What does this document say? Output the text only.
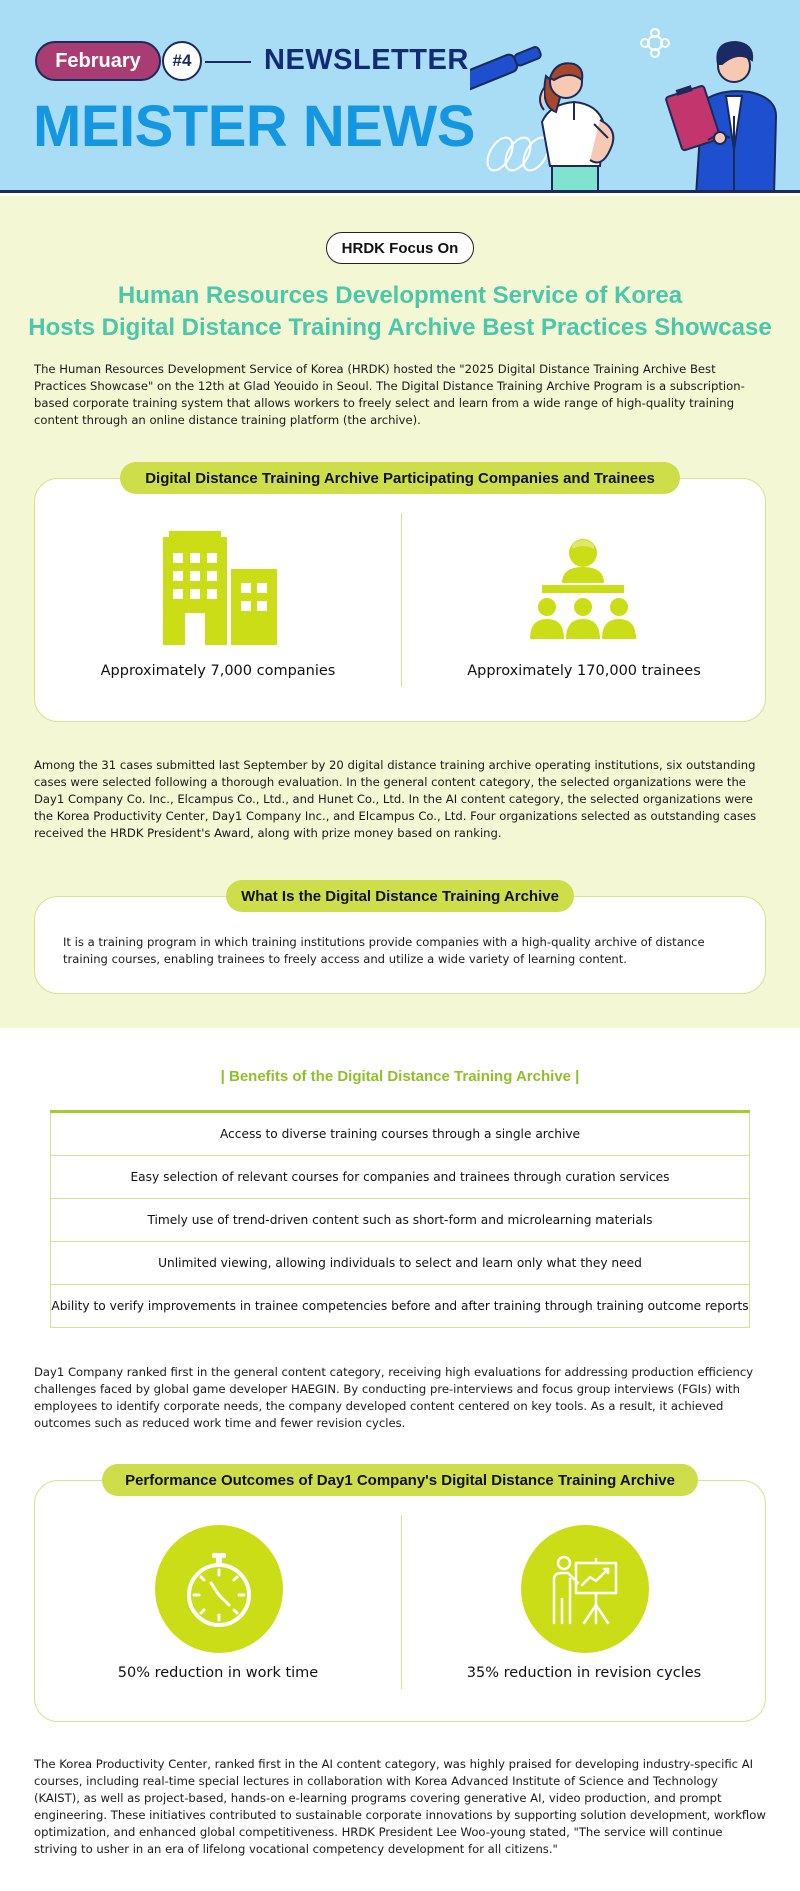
February	#4	NEWSLETTER
MEISTER NEWS
HRDK Focus On
Human Resources Development Service of Korea
Hosts Digital Distance Training Archive Best Practices Showcase

The Human Resources Development Service of Korea (HRDK) hosted the "2025 Digital Distance Training Archive Best Practices Showcase" on the 12th at Glad Yeouido in Seoul. The Digital Distance Training Archive Program is a subscription-based corporate training system that allows workers to freely select and learn from a wide range of high-quality training content through an online distance training platform (the archive).

Approximately 7,000 companies	Approximately 170,000 trainees
Digital Distance Training Archive Participating Companies and Trainees

Among the 31 cases submitted last September by 20 digital distance training archive operating institutions, six outstanding cases were selected following a thorough evaluation. In the general content category, the selected organizations were the Day1 Company Co. Inc., Elcampus Co., Ltd., and Hunet Co., Ltd. In the AI content category, the selected organizations were the Korea Productivity Center, Day1 Company Inc., and Elcampus Co., Ltd. Four organizations selected as outstanding cases received the HRDK President's Award, along with prize money based on ranking.

It is a training program in which training institutions provide companies with a high-quality archive of distance training courses, enabling trainees to freely access and utilize a wide variety of learning content.

What Is the Digital Distance Training Archive
| Benefits of the Digital Distance Training Archive |
Access to diverse training courses through a single archive
Easy selection of relevant courses for companies and trainees through curation services
Timely use of trend-driven content such as short-form and microlearning materials
Unlimited viewing, allowing individuals to select and learn only what they need
Ability to verify improvements in trainee competencies before and after training through training outcome reports

Day1 Company ranked first in the general content category, receiving high evaluations for addressing production efficiency challenges faced by global game developer HAEGIN. By conducting pre-interviews and focus group interviews (FGIs) with employees to identify corporate needs, the company developed content centered on key tools. As a result, it achieved outcomes such as reduced work time and fewer revision cycles.

50% reduction in work time	35% reduction in revision cycles
Performance Outcomes of Day1 Company's Digital Distance Training Archive

The Korea Productivity Center, ranked first in the AI content category, was highly praised for developing industry-specific AI courses, including real-time special lectures in collaboration with Korea Advanced Institute of Science and Technology (KAIST), as well as project-based, hands-on e-learning programs covering generative AI, video production, and prompt engineering. These initiatives contributed to sustainable corporate innovations by supporting solution development, workflow optimization, and enhanced global competitiveness. HRDK President Lee Woo-young stated, "The service will continue striving to usher in an era of lifelong vocational competency development for all citizens."
